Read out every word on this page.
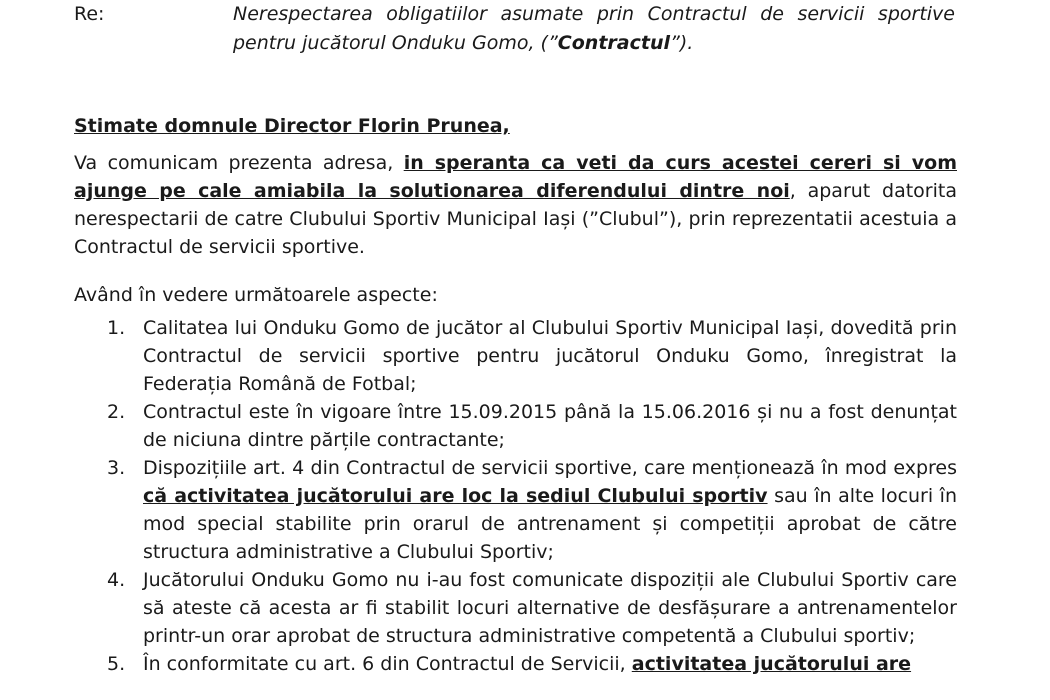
Re:	Nerespectarea obligatiilor asumate prin Contractul de servicii sportive pentru jucătorul Onduku Gomo, (”Contractul”).
Stimate domnule Director Florin Prunea,
Va comunicam prezenta adresa, in speranta ca veti da curs acestei cereri si vom ajunge pe cale amiabila la solutionarea diferendului dintre noi, aparut datorita nerespectarii de catre Clubului Sportiv Municipal Iași (”Clubul”), prin reprezentatii acestuia a Contractul de servicii sportive.
Având în vedere următoarele aspecte:
1. Calitatea lui Onduku Gomo de jucător al Clubului Sportiv Municipal Iași, dovedită prin Contractul de servicii sportive pentru jucătorul Onduku Gomo, înregistrat la Federația Română de Fotbal;
2. Contractul este în vigoare între 15.09.2015 până la 15.06.2016 și nu a fost denunțat de niciuna dintre părțile contractante;
3. Dispozițiile art. 4 din Contractul de servicii sportive, care menționează în mod expres că activitatea jucătorului are loc la sediul Clubului sportiv sau în alte locuri în mod special stabilite prin orarul de antrenament și competiții aprobat de către structura administrative a Clubului Sportiv;
4. Jucătorului Onduku Gomo nu i-au fost comunicate dispoziții ale Clubului Sportiv care să ateste că acesta ar fi stabilit locuri alternative de desfășurare a antrenamentelor printr-un orar aprobat de structura administrative competentă a Clubului sportiv;
5. În conformitate cu art. 6 din Contractul de Servicii, activitatea jucătorului are
